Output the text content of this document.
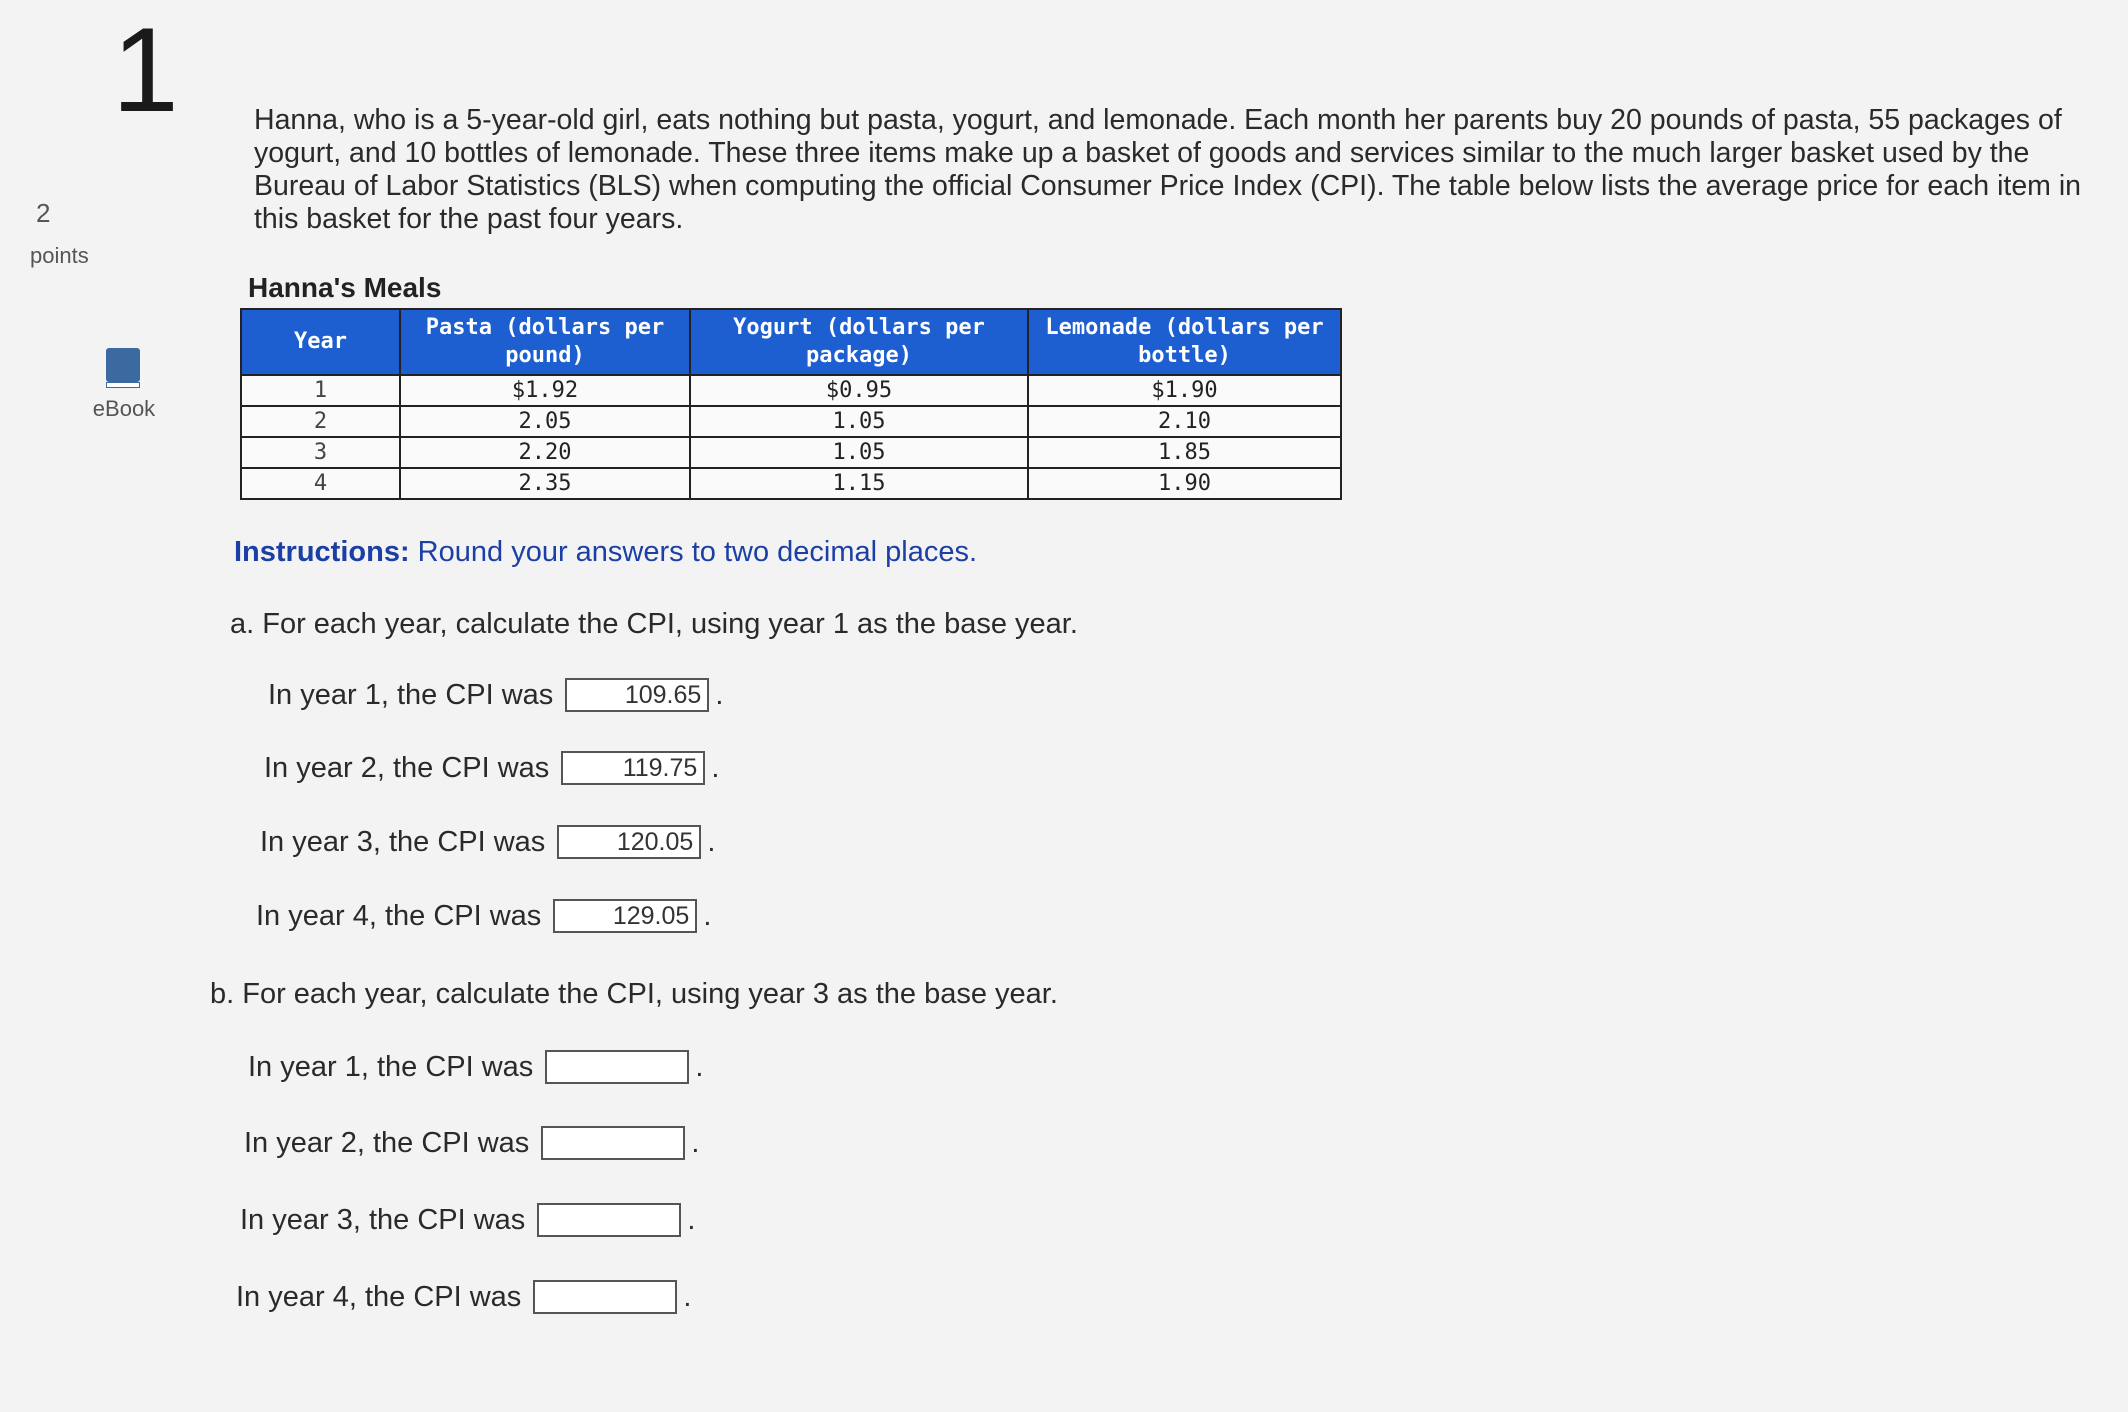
1
2
points
eBook
Hanna, who is a 5-year-old girl, eats nothing but pasta, yogurt, and lemonade. Each month her parents buy 20 pounds of pasta, 55 packages of yogurt, and 10 bottles of lemonade. These three items make up a basket of goods and services similar to the much larger basket used by the Bureau of Labor Statistics (BLS) when computing the official Consumer Price Index (CPI). The table below lists the average price for each item in this basket for the past four years.
Hanna's Meals
Year	Pasta (dollars per pound)	Yogurt (dollars per package)	Lemonade (dollars per bottle)
1	$1.92	$0.95	$1.90
2	2.05	1.05	2.10
3	2.20	1.05	1.85
4	2.35	1.15	1.90
Instructions: Round your answers to two decimal places.
a. For each year, calculate the CPI, using year 1 as the base year.
In year 1, the CPI was	109.65 .
In year 2, the CPI was	119.75 .
In year 3, the CPI was	120.05 .
In year 4, the CPI was	129.05 .
b. For each year, calculate the CPI, using year 3 as the base year.
In year 1, the CPI was	.
In year 2, the CPI was	.
In year 3, the CPI was	.
In year 4, the CPI was	.
